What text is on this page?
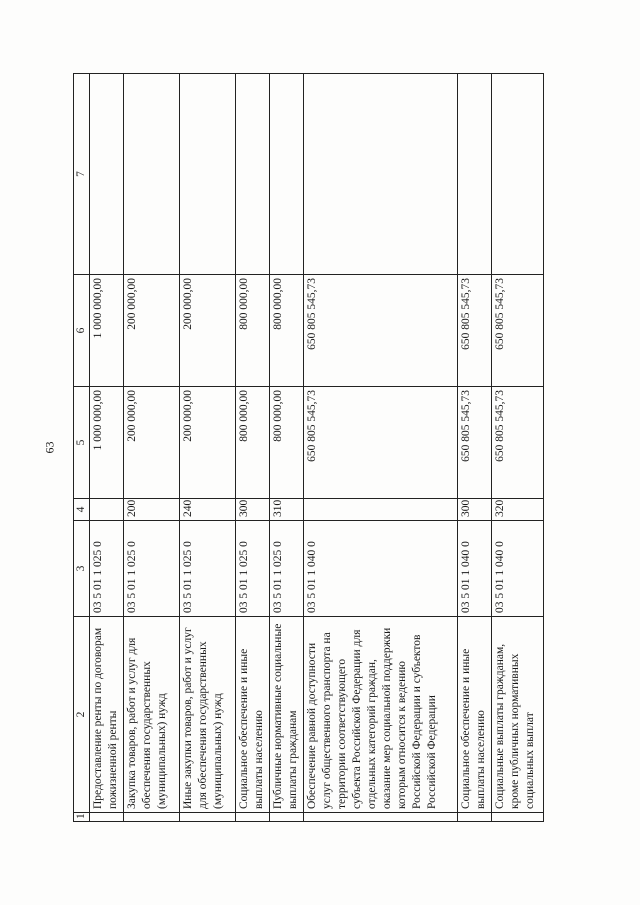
63
1	2	3	4	5	6	7
	Предоставление ренты по договорам пожизненной ренты	03 5 01 1 025 0		1 000 000,00	1 000 000,00	
	Закупка товаров, работ и услуг для обеспечения государственных (муниципальных) нужд	03 5 01 1 025 0	200	200 000,00	200 000,00	
	Иные закупки товаров, работ и услуг для обеспечения государственных (муниципальных) нужд	03 5 01 1 025 0	240	200 000,00	200 000,00	
	Социальное обеспечение и иные выплаты населению	03 5 01 1 025 0	300	800 000,00	800 000,00	
	Публичные нормативные социальные выплаты гражданам	03 5 01 1 025 0	310	800 000,00	800 000,00	
	Обеспечение равной доступности услуг общественного транспорта на территории соответствующего субъекта Российской Федерации для отдельных категорий граждан, оказание мер социальной поддержки которым относится к ведению Российской Федерации и субъектов Российской Федерации	03 5 01 1 040 0		650 805 545,73	650 805 545,73	
	Социальное обеспечение и иные выплаты населению	03 5 01 1 040 0	300	650 805 545,73	650 805 545,73	
	Социальные выплаты гражданам, кроме публичных нормативных социальных выплат	03 5 01 1 040 0	320	650 805 545,73	650 805 545,73	
